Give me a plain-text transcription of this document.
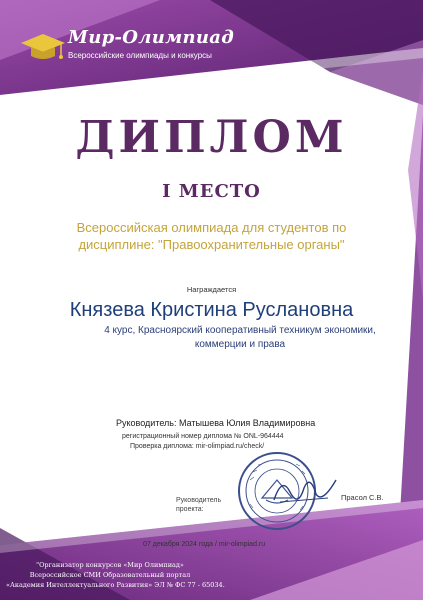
Мир-Олимпиад

Всероссийские олимпиады и конкурсы

ДИПЛОМ

I МЕСТО

Всероссийская олимпиада для студентов по
дисциплине: "Правоохранительные органы"

Награждается

Князева Кристина Руслановна

4 курс, Красноярский кооперативный техникум экономики,
коммерции и права

Руководитель: Матышева Юлия Владимировна

регистрационный номер диплома № ONL-964444

Проверка диплома: mir-olimpiad.ru/check/

Руководитель

проекта:

Прасол С.В.

07 декабря 2024 года / mir-olimpiad.ru

"Организатор конкурсов «Мир Олимпиад»

Всероссийское СМИ Образовательный портал

«Академия Интеллектуального Развития» ЭЛ № ФС 77 - 65034.
